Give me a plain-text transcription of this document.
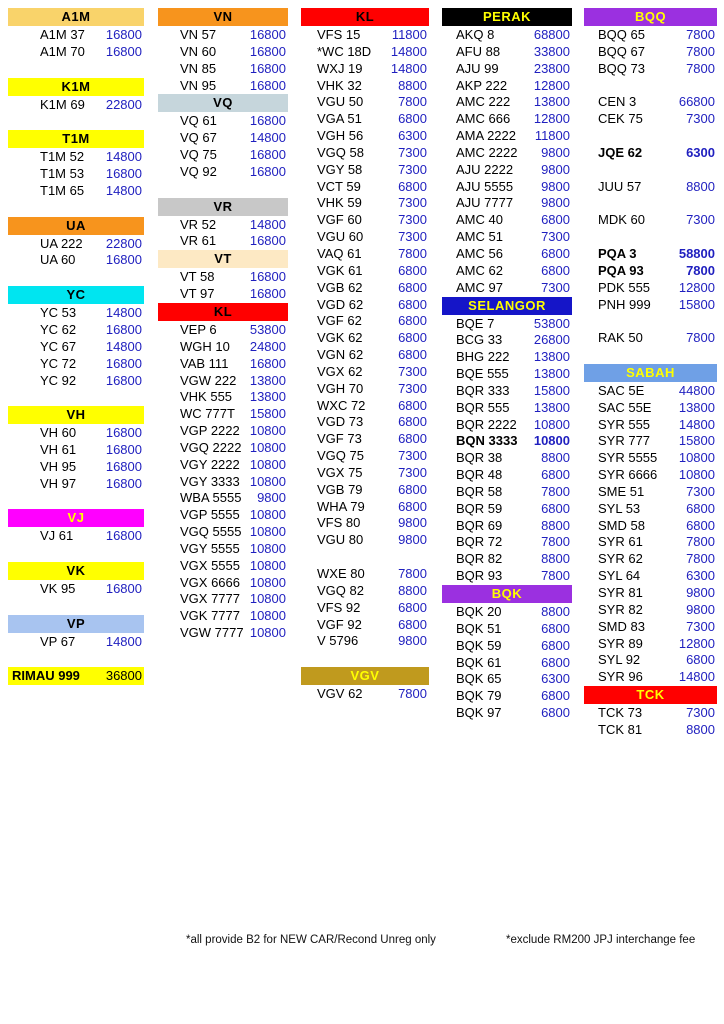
A1M
A1M 37 16800
A1M 70 16800
K1M
K1M 69 22800
T1M
T1M 52 14800
T1M 53 16800
T1M 65 14800
UA
UA 222 22800
UA 60 16800
YC
YC 53 14800
YC 62 16800
YC 67 14800
YC 72 16800
YC 92 16800
VH
VH 60 16800
VH 61 16800
VH 95 16800
VH 97 16800
VJ
VJ 61	16800
VK
VK 95 16800
VP
VP 67 14800
RIMAU 999 36800
VN
VN 57	16800
VN 60	16800
VN 85	16800
VN 95	16800
VQ
VQ 61	16800
VQ 67	14800
VQ 75	16800
VQ 92	16800
VR
VR 52	14800
VR 61	16800
VT
VT 58	16800
VT 97	16800
KL
VEP 6	53800
WGH 10 24800
VAB 111 16800
VGW 222 13800
VHK 555 13800
WC 777T 15800
VGP 2222 10800
VGQ 2222 10800
VGY 2222 10800
VGY 3333 10800
WBA 5555 9800
VGP 5555 10800
VGQ 5555 10800
VGY 5555 10800
VGX 5555 10800
VGX 6666 10800
VGX 7777 10800
VGK 7777 10800
VGW 7777 10800
KL
VFS 15 11800
*WC 18D 14800
WXJ 19 14800
VHK 32	8800
VGU 50	7800
VGA 51	6800
VGH 56	6300
VGQ 58	7300
VGY 58	7300
VCT 59	6800
VHK 59	7300
VGF 60	7300
VGU 60	7300
VAQ 61	7800
VGK 61	6800
VGB 62	6800
VGD 62	6800
VGF 62	6800
VGK 62	6800
VGN 62	6800
VGX 62	7300
VGH 70	7300
WXC 72	6800
VGD 73	6800
VGF 73	6800
VGQ 75	7300
VGX 75	7300
VGB 79	6800
WHA 79	6800
VFS 80	9800
VGU 80	9800
WXE 80	7800
VGQ 82	8800
VFS 92	6800
VGF 92	6800
V 5796	9800
VGV
VGV 62	7800
PERAK
AKQ 8	68800
AFU 88	33800
AJU 99	23800
AKP 222 12800
AMC 222 13800
AMC 666 12800
AMA 2222 11800
AMC 2222 9800
AJU 2222 9800
AJU 5555 9800
AJU 7777 9800
AMC 40	6800
AMC 51	7300
AMC 56	6800
AMC 62	6800
AMC 97	7300
SELANGOR
BQE 7	53800
BCG 33 26800
BHG 222 13800
BQE 555 13800
BQR 333 15800
BQR 555 13800
BQR 2222 10800
BQN 3333 10800
BQR 38	8800
BQR 48	6800
BQR 58	7800
BQR 59	6800
BQR 69	8800
BQR 72	7800
BQR 82	8800
BQR 93	7800
BQK
BQK 20	8800
BQK 51	6800
BQK 59	6800
BQK 61	6800
BQK 65	6300
BQK 79	6800
BQK 97	6800
BQQ
BQQ 65	7800
BQQ 67	7800
BQQ 73	7800
CEN 3	66800
CEK 75	7300
JQE 62	6300
JUU 57	8800
MDK 60	7300
PQA 3	58800
PQA 93	7800
PDK 555 12800
PNH 999 15800
RAK 50	7800
SABAH
SAC 5E	44800
SAC 55E 13800
SYR 555 14800
SYR 777 15800
SYR 5555 10800
SYR 6666 10800
SME 51	7300
SYL 53	6800
SMD 58	6800
SYR 61	7800
SYR 62	7800
SYL 64	6300
SYR 81	9800
SYR 82	9800
SMD 83	7300
SYR 89	12800
SYL 92	6800
SYR 96	14800
TCK
TCK 73	7300
TCK 81	8800
*all provide B2 for NEW CAR/Recond Unreg only	*exclude RM200 JPJ interchange fee
